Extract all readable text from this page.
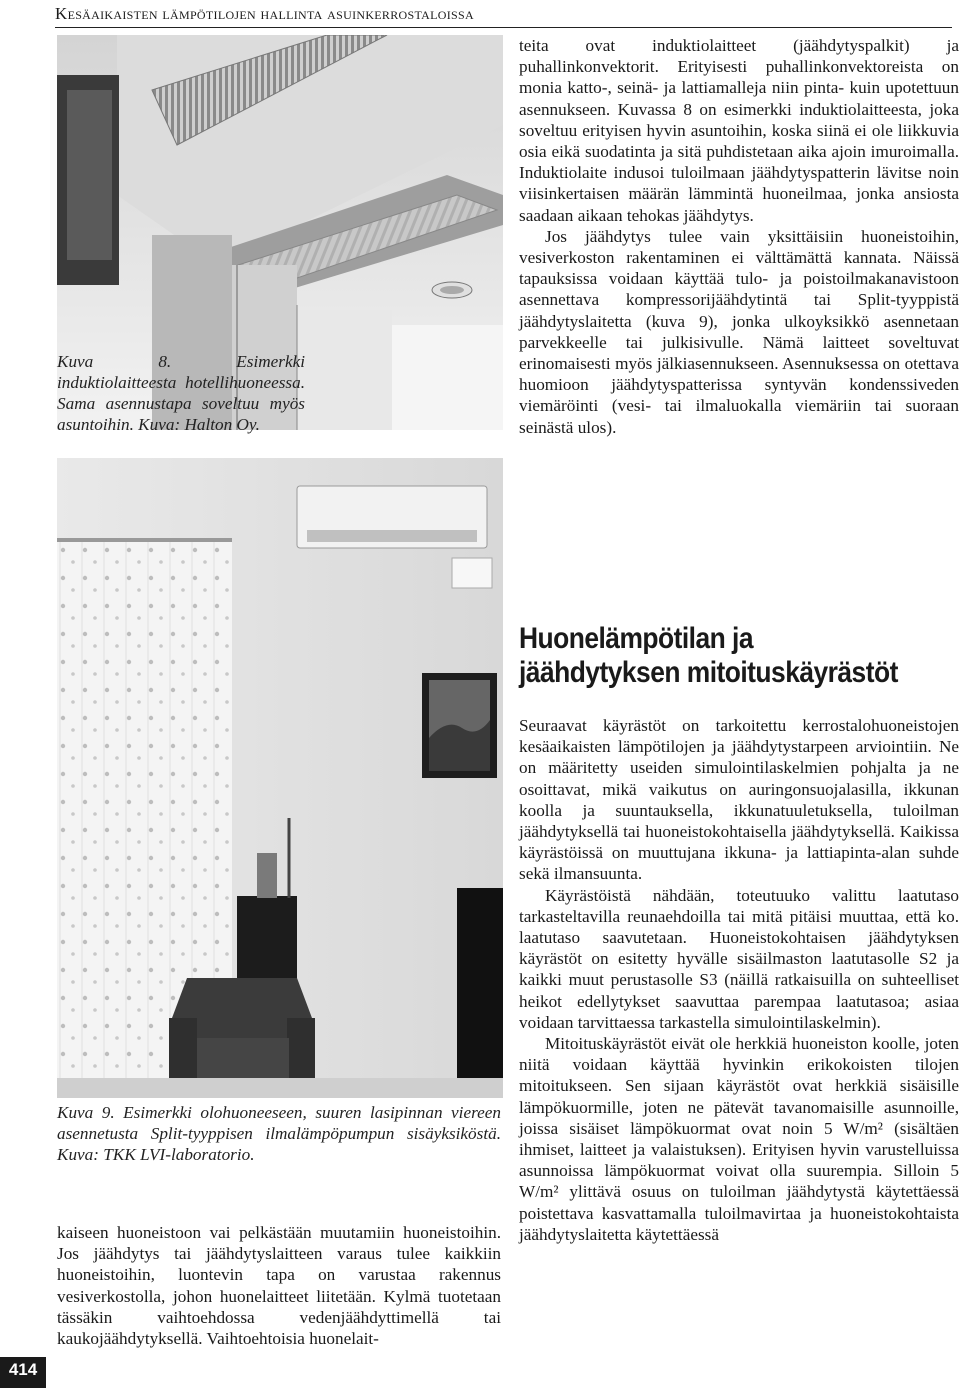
Kesäaikaisten lämpötilojen hallinta asuinkerrostaloissa
Kuva 8. Esimerkki induktiolaitteesta hotellihuoneessa. Sama asennustapa soveltuu myös asuntoihin. Kuva: Halton Oy.
Kuva 9. Esimerkki olohuoneeseen, suuren lasipinnan viereen asennetusta Split-tyyppisen ilmalämpöpumpun sisäyksiköstä. Kuva: TKK LVI-laboratorio.

kaiseen huoneistoon vai pelkästään muutamiin huoneistoihin. Jos jäähdytys tai jäähdytyslaitteen varaus tulee kaikkiin huoneistoihin, luontevin tapa on varustaa rakennus vesiverkostolla, johon huonelaitteet liitetään. Kylmä tuotetaan tässäkin vaihtoehdossa vedenjäähdyttimellä tai kaukojäähdytyksellä. Vaihtoehtoisia huonelait-

teita ovat induktiolaitteet (jäähdytyspalkit) ja puhallinkonvektorit. Erityisesti puhallinkonvektoreista on monia katto-, seinä- ja lattiamalleja niin pinta- kuin upotettuun asennukseen. Kuvassa 8 on esimerkki induktiolaitteesta, joka soveltuu erityisen hyvin asuntoihin, koska siinä ei ole liikkuvia osia eikä suodatinta ja sitä puhdistetaan aika ajoin imuroimalla. Induktiolaite indusoi tuloilmaan jäähdytyspatterin lävitse noin viisinkertaisen määrän lämmintä huoneilmaa, jonka ansiosta saadaan aikaan tehokas jäähdytys.

Jos jäähdytys tulee vain yksittäisiin huoneistoihin, vesiverkoston rakentaminen ei välttämättä kannata. Näissä tapauksissa voidaan käyttää tulo- ja poistoilmakanavistoon asennettava kompressorijäähdytintä tai Split-tyyppistä jäähdytyslaitetta (kuva 9), jonka ulkoyksikkö asennetaan parvekkeelle tai julkisivulle. Nämä laitteet soveltuvat erinomaisesti myös jälkiasennukseen. Asennuksessa on otettava huomioon jäähdytyspatterissa syntyvän kondenssiveden viemäröinti (vesi- tai ilmaluokalla viemäriin tai suoraan seinästä ulos).

Huonelämpötilan ja jäähdytyksen mitoituskäyrästöt

Seuraavat käyrästöt on tarkoitettu kerrostalohuoneistojen kesäaikaisten lämpötilojen ja jäähdytystarpeen arviointiin. Ne on määritetty useiden simulointilaskelmien pohjalta ja ne osoittavat, mikä vaikutus on auringonsuojalasilla, ikkunan koolla ja suuntauksella, ikkunatuuletuksella, tuloilman jäähdytyksellä tai huoneistokohtaisella jäähdytyksellä. Kaikissa käyrästöissä on muuttujana ikkuna- ja lattiapinta-alan suhde sekä ilmansuunta.

Käyrästöistä nähdään, toteutuuko valittu laatutaso tarkasteltavilla reunaehdoilla tai mitä pitäisi muuttaa, että ko. laatutaso saavutetaan. Huoneistokohtaisen jäähdytyksen käyrästöt on esitetty hyvälle sisäilmaston laatutasolle S2 ja kaikki muut perustasolle S3 (näillä ratkaisuilla on suhteelliset heikot edellytykset saavuttaa parempaa laatutasoa; asiaa voidaan tarvittaessa tarkastella simulointilaskelmin).

Mitoituskäyrästöt eivät ole herkkiä huoneiston koolle, joten niitä voidaan käyttää hyvinkin erikokoisten tilojen mitoitukseen. Sen sijaan käyrästöt ovat herkkiä sisäisille lämpökuormille, joten ne pätevät tavanomaisille asunnoille, joissa sisäiset lämpökuormat ovat noin 5 W/m² (sisältäen ihmiset, laitteet ja valaistuksen). Erityisen hyvin varustelluissa asunnoissa lämpökuormat voivat olla suurempia. Silloin 5 W/m² ylittävä osuus on tuloilman jäähdytystä käytettäessä poistettava kasvattamalla tuloilmavirtaa ja huoneistokohtaista jäähdytyslaitetta käytettäessä

414
